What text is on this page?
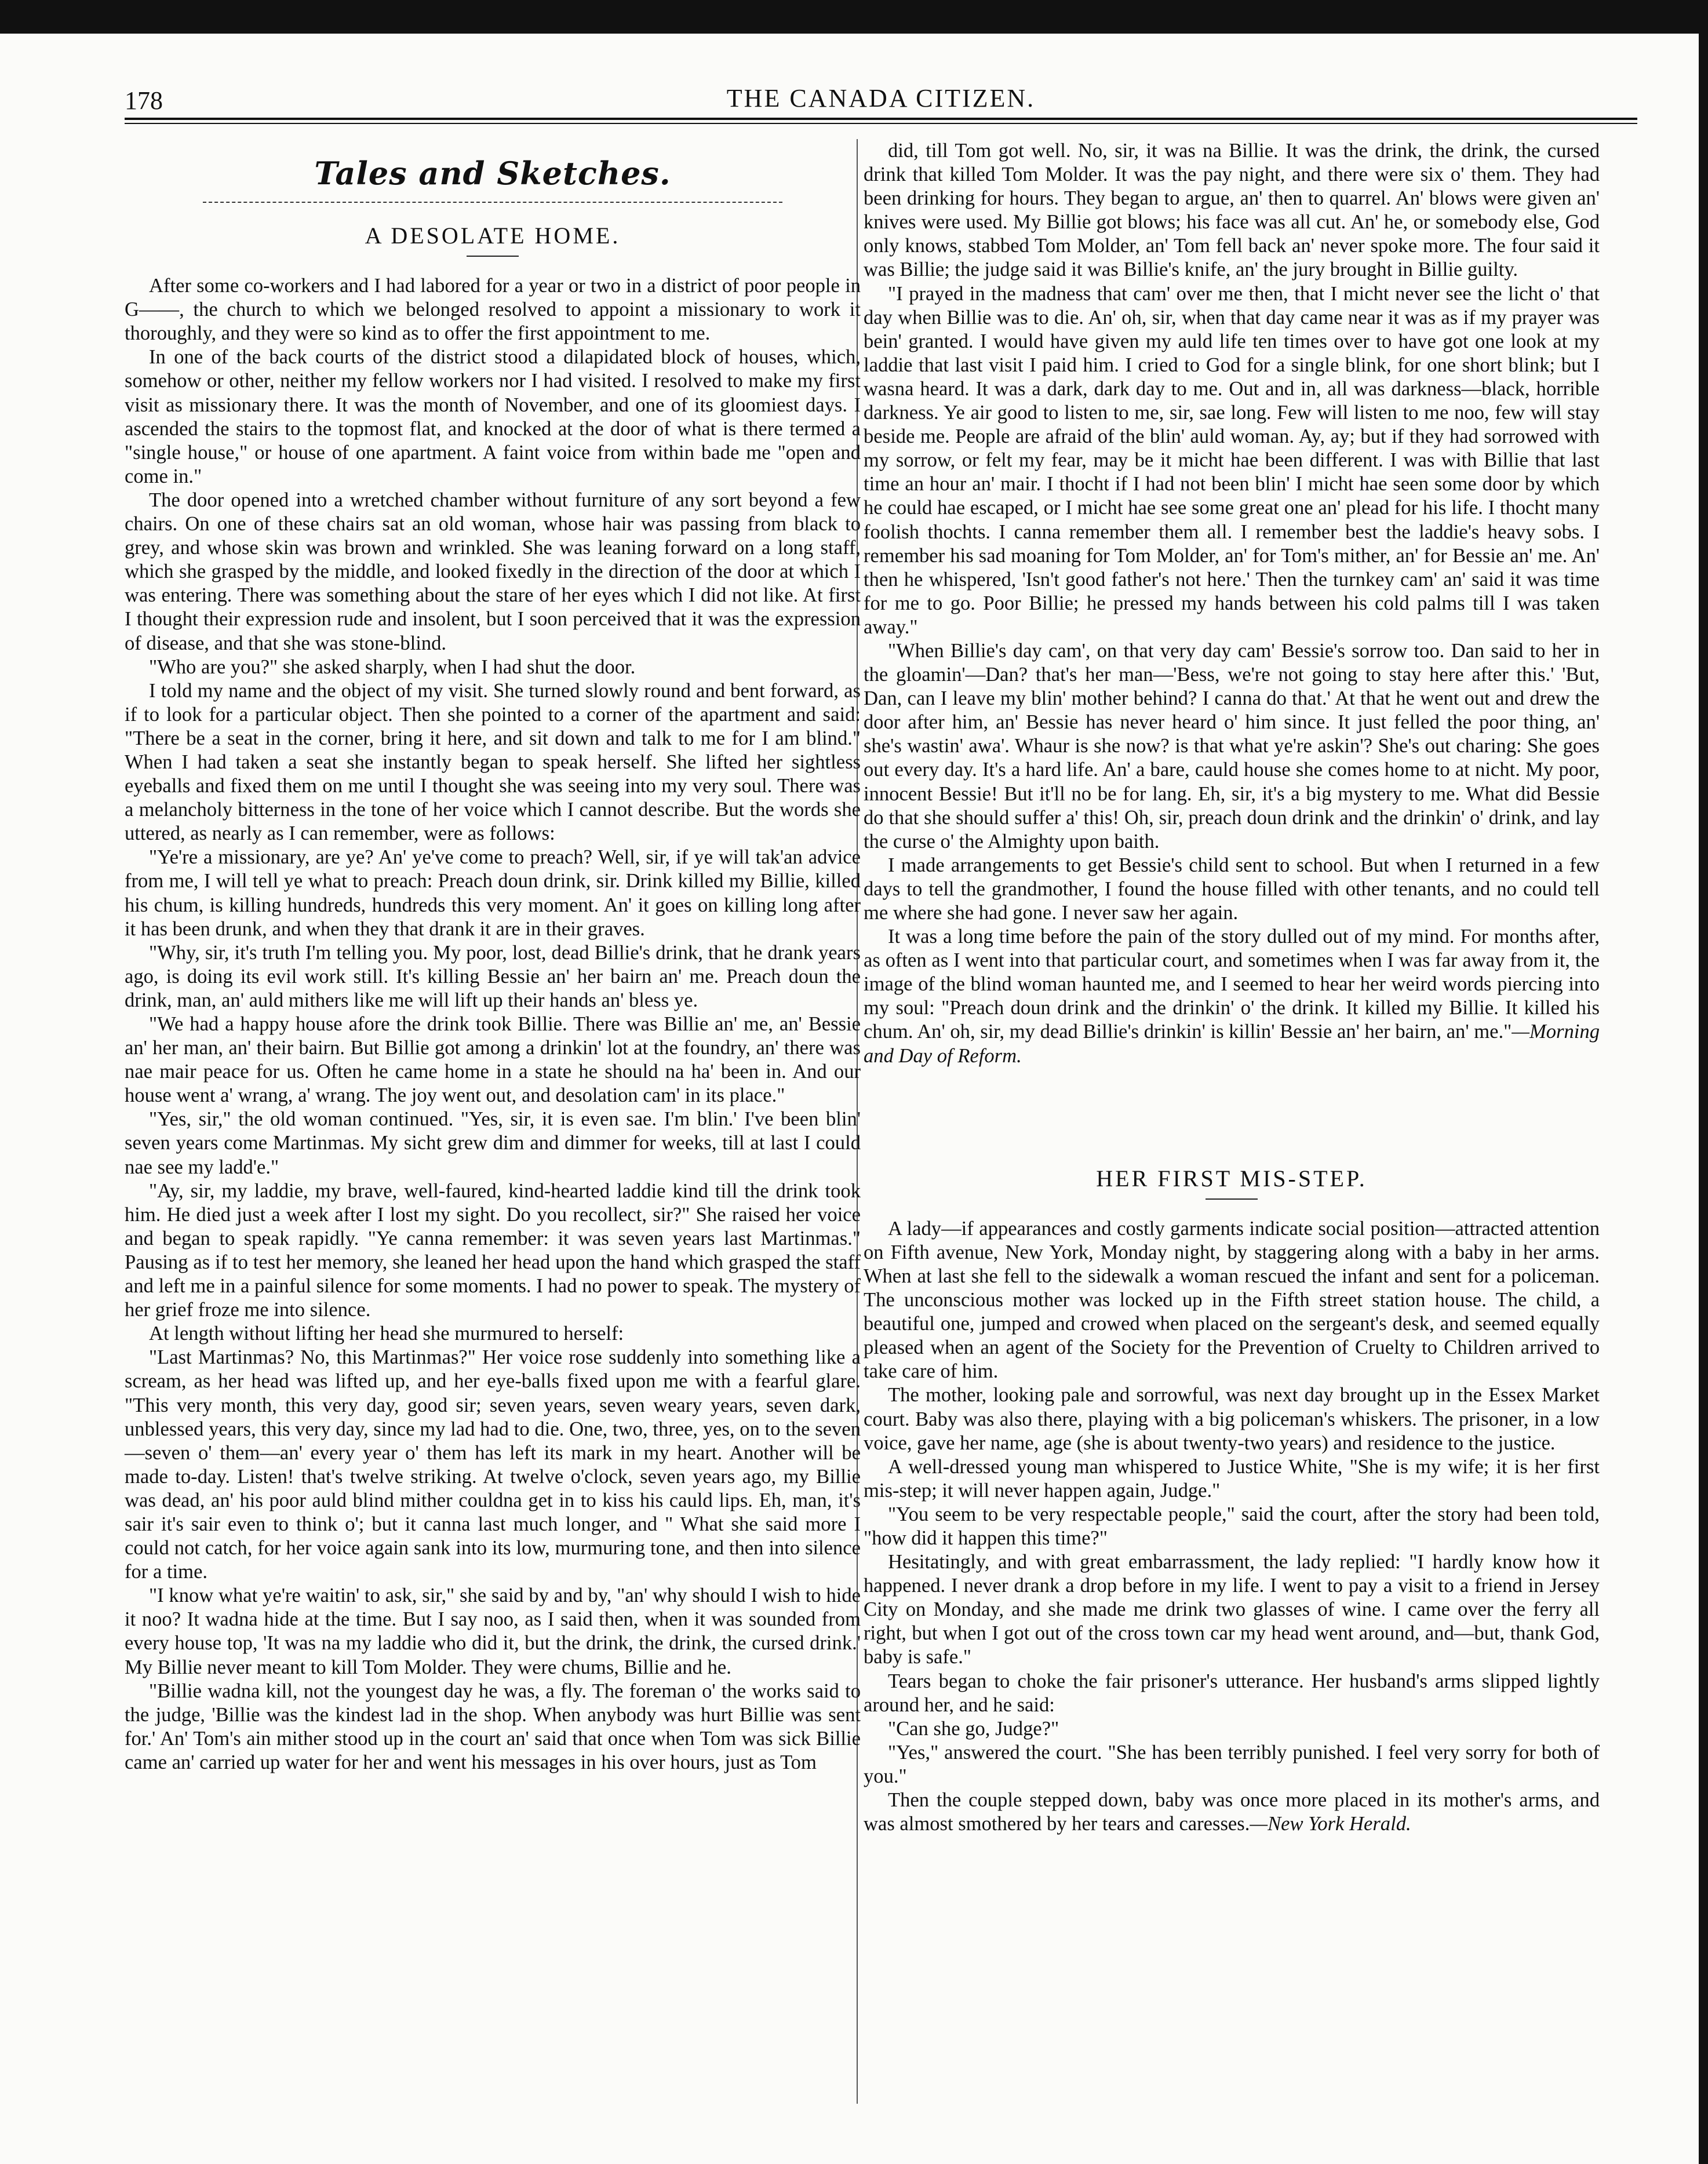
178	THE CANADA CITIZEN.
Tales and Sketches.
A DESOLATE HOME.

After some co-workers and I had labored for a year or two in a district of poor people in G——, the church to which we belonged resolved to appoint a missionary to work it thoroughly, and they were so kind as to offer the first appointment to me.

In one of the back courts of the district stood a dilapidated block of houses, which, somehow or other, neither my fellow workers nor I had visited. I resolved to make my first visit as missionary there. It was the month of November, and one of its gloomiest days. I ascended the stairs to the topmost flat, and knocked at the door of what is there termed a "single house," or house of one apartment. A faint voice from within bade me "open and come in."

The door opened into a wretched chamber without furniture of any sort beyond a few chairs. On one of these chairs sat an old woman, whose hair was passing from black to grey, and whose skin was brown and wrinkled. She was leaning forward on a long staff, which she grasped by the middle, and looked fixedly in the direction of the door at which I was entering. There was something about the stare of her eyes which I did not like. At first I thought their expression rude and insolent, but I soon perceived that it was the expression of disease, and that she was stone-blind.

"Who are you?" she asked sharply, when I had shut the door.

I told my name and the object of my visit. She turned slowly round and bent forward, as if to look for a particular object. Then she pointed to a corner of the apartment and said: "There be a seat in the corner, bring it here, and sit down and talk to me for I am blind." When I had taken a seat she instantly began to speak herself. She lifted her sightless eyeballs and fixed them on me until I thought she was seeing into my very soul. There was a melancholy bitterness in the tone of her voice which I cannot describe. But the words she uttered, as nearly as I can remember, were as follows:

"Ye're a missionary, are ye? An' ye've come to preach? Well, sir, if ye will tak'an advice from me, I will tell ye what to preach: Preach doun drink, sir. Drink killed my Billie, killed his chum, is killing hundreds, hundreds this very moment. An' it goes on killing long after it has been drunk, and when they that drank it are in their graves.

"Why, sir, it's truth I'm telling you. My poor, lost, dead Billie's drink, that he drank years ago, is doing its evil work still. It's killing Bessie an' her bairn an' me. Preach doun the drink, man, an' auld mithers like me will lift up their hands an' bless ye.

"We had a happy house afore the drink took Billie. There was Billie an' me, an' Bessie an' her man, an' their bairn. But Billie got among a drinkin' lot at the foundry, an' there was nae mair peace for us. Often he came home in a state he should na ha' been in. And our house went a' wrang, a' wrang. The joy went out, and desolation cam' in its place."

"Yes, sir," the old woman continued. "Yes, sir, it is even sae. I'm blin.' I've been blin' seven years come Martinmas. My sicht grew dim and dimmer for weeks, till at last I could nae see my ladd'e."

"Ay, sir, my laddie, my brave, well-faured, kind-hearted laddie kind till the drink took him. He died just a week after I lost my sight. Do you recollect, sir?" She raised her voice and began to speak rapidly. "Ye canna remember: it was seven years last Martinmas." Pausing as if to test her memory, she leaned her head upon the hand which grasped the staff and left me in a painful silence for some moments. I had no power to speak. The mystery of her grief froze me into silence.

At length without lifting her head she murmured to herself:

"Last Martinmas? No, this Martinmas?" Her voice rose suddenly into something like a scream, as her head was lifted up, and her eye-balls fixed upon me with a fearful glare. "This very month, this very day, good sir; seven years, seven weary years, seven dark, unblessed years, this very day, since my lad had to die. One, two, three, yes, on to the seven—seven o' them—an' every year o' them has left its mark in my heart. Another will be made to-day. Listen! that's twelve striking. At twelve o'clock, seven years ago, my Billie was dead, an' his poor auld blind mither couldna get in to kiss his cauld lips. Eh, man, it's sair it's sair even to think o'; but it canna last much longer, and " What she said more I could not catch, for her voice again sank into its low, murmuring tone, and then into silence for a time.

"I know what ye're waitin' to ask, sir," she said by and by, "an' why should I wish to hide it noo? It wadna hide at the time. But I say noo, as I said then, when it was sounded from every house top, 'It was na my laddie who did it, but the drink, the drink, the cursed drink.' My Billie never meant to kill Tom Molder. They were chums, Billie and he.

"Billie wadna kill, not the youngest day he was, a fly. The foreman o' the works said to the judge, 'Billie was the kindest lad in the shop. When anybody was hurt Billie was sent for.' An' Tom's ain mither stood up in the court an' said that once when Tom was sick Billie came an' carried up water for her and went his messages in his over hours, just as Tom

did, till Tom got well. No, sir, it was na Billie. It was the drink, the drink, the cursed drink that killed Tom Molder. It was the pay night, and there were six o' them. They had been drinking for hours. They began to argue, an' then to quarrel. An' blows were given an' knives were used. My Billie got blows; his face was all cut. An' he, or somebody else, God only knows, stabbed Tom Molder, an' Tom fell back an' never spoke more. The four said it was Billie; the judge said it was Billie's knife, an' the jury brought in Billie guilty.

"I prayed in the madness that cam' over me then, that I micht never see the licht o' that day when Billie was to die. An' oh, sir, when that day came near it was as if my prayer was bein' granted. I would have given my auld life ten times over to have got one look at my laddie that last visit I paid him. I cried to God for a single blink, for one short blink; but I wasna heard. It was a dark, dark day to me. Out and in, all was darkness—black, horrible darkness. Ye air good to listen to me, sir, sae long. Few will listen to me noo, few will stay beside me. People are afraid of the blin' auld woman. Ay, ay; but if they had sorrowed with my sorrow, or felt my fear, may be it micht hae been different. I was with Billie that last time an hour an' mair. I thocht if I had not been blin' I micht hae seen some door by which he could hae escaped, or I micht hae see some great one an' plead for his life. I thocht many foolish thochts. I canna remember them all. I remember best the laddie's heavy sobs. I remember his sad moaning for Tom Molder, an' for Tom's mither, an' for Bessie an' me. An' then he whispered, 'Isn't good father's not here.' Then the turnkey cam' an' said it was time for me to go. Poor Billie; he pressed my hands between his cold palms till I was taken away."

"When Billie's day cam', on that very day cam' Bessie's sorrow too. Dan said to her in the gloamin'—Dan? that's her man—'Bess, we're not going to stay here after this.' 'But, Dan, can I leave my blin' mother behind? I canna do that.' At that he went out and drew the door after him, an' Bessie has never heard o' him since. It just felled the poor thing, an' she's wastin' awa'. Whaur is she now? is that what ye're askin'? She's out charing: She goes out every day. It's a hard life. An' a bare, cauld house she comes home to at nicht. My poor, innocent Bessie! But it'll no be for lang. Eh, sir, it's a big mystery to me. What did Bessie do that she should suffer a' this! Oh, sir, preach doun drink and the drinkin' o' drink, and lay the curse o' the Almighty upon baith.

I made arrangements to get Bessie's child sent to school. But when I returned in a few days to tell the grandmother, I found the house filled with other tenants, and no could tell me where she had gone. I never saw her again.

It was a long time before the pain of the story dulled out of my mind. For months after, as often as I went into that particular court, and sometimes when I was far away from it, the image of the blind woman haunted me, and I seemed to hear her weird words piercing into my soul: "Preach doun drink and the drinkin' o' the drink. It killed my Billie. It killed his chum. An' oh, sir, my dead Billie's drinkin' is killin' Bessie an' her bairn, an' me."—Morning and Day of Reform.

HER FIRST MIS-STEP.

A lady—if appearances and costly garments indicate social position—attracted attention on Fifth avenue, New York, Monday night, by staggering along with a baby in her arms. When at last she fell to the sidewalk a woman rescued the infant and sent for a policeman. The unconscious mother was locked up in the Fifth street station house. The child, a beautiful one, jumped and crowed when placed on the sergeant's desk, and seemed equally pleased when an agent of the Society for the Prevention of Cruelty to Children arrived to take care of him.

The mother, looking pale and sorrowful, was next day brought up in the Essex Market court. Baby was also there, playing with a big policeman's whiskers. The prisoner, in a low voice, gave her name, age (she is about twenty-two years) and residence to the justice.

A well-dressed young man whispered to Justice White, "She is my wife; it is her first mis-step; it will never happen again, Judge."

"You seem to be very respectable people," said the court, after the story had been told, "how did it happen this time?"

Hesitatingly, and with great embarrassment, the lady replied: "I hardly know how it happened. I never drank a drop before in my life. I went to pay a visit to a friend in Jersey City on Monday, and she made me drink two glasses of wine. I came over the ferry all right, but when I got out of the cross town car my head went around, and—but, thank God, baby is safe."

Tears began to choke the fair prisoner's utterance. Her husband's arms slipped lightly around her, and he said:

"Can she go, Judge?"

"Yes," answered the court. "She has been terribly punished. I feel very sorry for both of you."

Then the couple stepped down, baby was once more placed in its mother's arms, and was almost smothered by her tears and caresses.—New York Herald.
